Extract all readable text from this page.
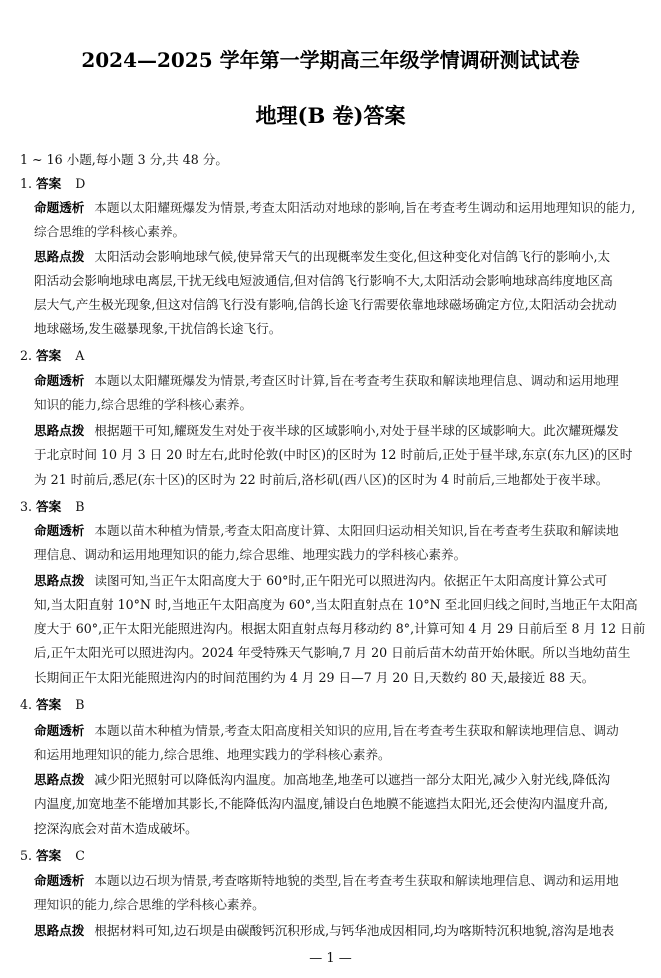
2024—2025 学年第一学期高三年级学情调研测试试卷
地理(B 卷)答案
1 ~ 16 小题,每小题 3 分,共 48 分。
1. 答案 D
命题透析 本题以太阳耀斑爆发为情景,考查太阳活动对地球的影响,旨在考查考生调动和运用地理知识的能力,
综合思维的学科核心素养。
思路点拨 太阳活动会影响地球气候,使异常天气的出现概率发生变化,但这种变化对信鸽飞行的影响小,太
阳活动会影响地球电离层,干扰无线电短波通信,但对信鸽飞行影响不大,太阳活动会影响地球高纬度地区高
层大气,产生极光现象,但这对信鸽飞行没有影响,信鸽长途飞行需要依靠地球磁场确定方位,太阳活动会扰动
地球磁场,发生磁暴现象,干扰信鸽长途飞行。
2. 答案 A
命题透析 本题以太阳耀斑爆发为情景,考查区时计算,旨在考查考生获取和解读地理信息、调动和运用地理
知识的能力,综合思维的学科核心素养。
思路点拨 根据题干可知,耀斑发生对处于夜半球的区域影响小,对处于昼半球的区域影响大。此次耀斑爆发
于北京时间 10 月 3 日 20 时左右,此时伦敦(中时区)的区时为 12 时前后,正处于昼半球,东京(东九区)的区时
为 21 时前后,悉尼(东十区)的区时为 22 时前后,洛杉矶(西八区)的区时为 4 时前后,三地都处于夜半球。
3. 答案 B
命题透析 本题以苗木种植为情景,考查太阳高度计算、太阳回归运动相关知识,旨在考查考生获取和解读地
理信息、调动和运用地理知识的能力,综合思维、地理实践力的学科核心素养。
思路点拨 读图可知,当正午太阳高度大于 60°时,正午阳光可以照进沟内。依据正午太阳高度计算公式可
知,当太阳直射 10°N 时,当地正午太阳高度为 60°,当太阳直射点在 10°N 至北回归线之间时,当地正午太阳高
度大于 60°,正午太阳光能照进沟内。根据太阳直射点每月移动约 8°,计算可知 4 月 29 日前后至 8 月 12 日前
后,正午太阳光可以照进沟内。2024 年受特殊天气影响,7 月 20 日前后苗木幼苗开始休眠。所以当地幼苗生
长期间正午太阳光能照进沟内的时间范围约为 4 月 29 日—7 月 20 日,天数约 80 天,最接近 88 天。
4. 答案 B
命题透析 本题以苗木种植为情景,考查太阳高度相关知识的应用,旨在考查考生获取和解读地理信息、调动
和运用地理知识的能力,综合思维、地理实践力的学科核心素养。
思路点拨 减少阳光照射可以降低沟内温度。加高地垄,地垄可以遮挡一部分太阳光,减少入射光线,降低沟
内温度,加宽地垄不能增加其影长,不能降低沟内温度,铺设白色地膜不能遮挡太阳光,还会使沟内温度升高,
挖深沟底会对苗木造成破坏。
5. 答案 C
命题透析 本题以边石坝为情景,考查喀斯特地貌的类型,旨在考查考生获取和解读地理信息、调动和运用地
理知识的能力,综合思维的学科核心素养。
思路点拨 根据材料可知,边石坝是由碳酸钙沉积形成,与钙华池成因相同,均为喀斯特沉积地貌,溶沟是地表
— 1 —
